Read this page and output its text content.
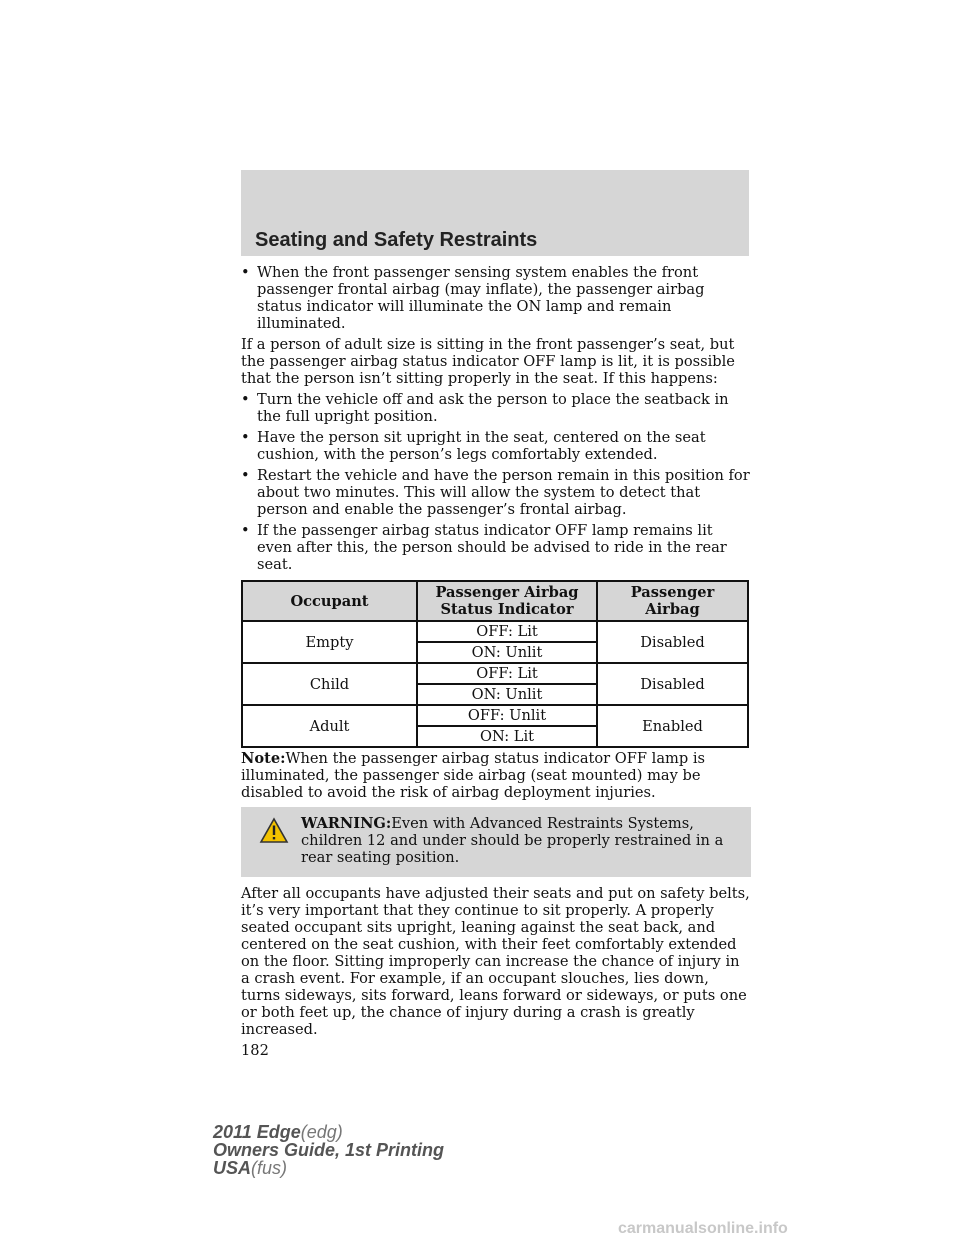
Seating and Safety Restraints
• When the front passenger sensing system enables the front passenger frontal airbag (may inflate), the passenger airbag status indicator will illuminate the ON lamp and remain illuminated.

If a person of adult size is sitting in the front passenger’s seat, but the passenger airbag status indicator OFF lamp is lit, it is possible that the person isn’t sitting properly in the seat. If this happens:

• Turn the vehicle off and ask the person to place the seatback in the full upright position.
• Have the person sit upright in the seat, centered on the seat cushion, with the person’s legs comfortably extended.
• Restart the vehicle and have the person remain in this position for about two minutes. This will allow the system to detect that person and enable the passenger’s frontal airbag.
• If the passenger airbag status indicator OFF lamp remains lit even after this, the person should be advised to ride in the rear seat.
Occupant	Passenger Airbag Status Indicator	Passenger Airbag
Empty	OFF: Lit	Disabled
	ON: Unlit	
Child	OFF: Lit	Disabled
	ON: Unlit	
Adult	OFF: Unlit	Enabled
	ON: Lit	

Note:When the passenger airbag status indicator OFF lamp is illuminated, the passenger side airbag (seat mounted) may be disabled to avoid the risk of airbag deployment injuries.

WARNING:Even with Advanced Restraints Systems, children 12 and under should be properly restrained in a rear seating position.

After all occupants have adjusted their seats and put on safety belts, it’s very important that they continue to sit properly. A properly seated occupant sits upright, leaning against the seat back, and centered on the seat cushion, with their feet comfortably extended on the floor. Sitting improperly can increase the chance of injury in a crash event. For example, if an occupant slouches, lies down, turns sideways, sits forward, leans forward or sideways, or puts one or both feet up, the chance of injury during a crash is greatly increased.

182
2011 Edge(edg)
Owners Guide, 1st Printing
USA(fus)
carmanualsonline.info
